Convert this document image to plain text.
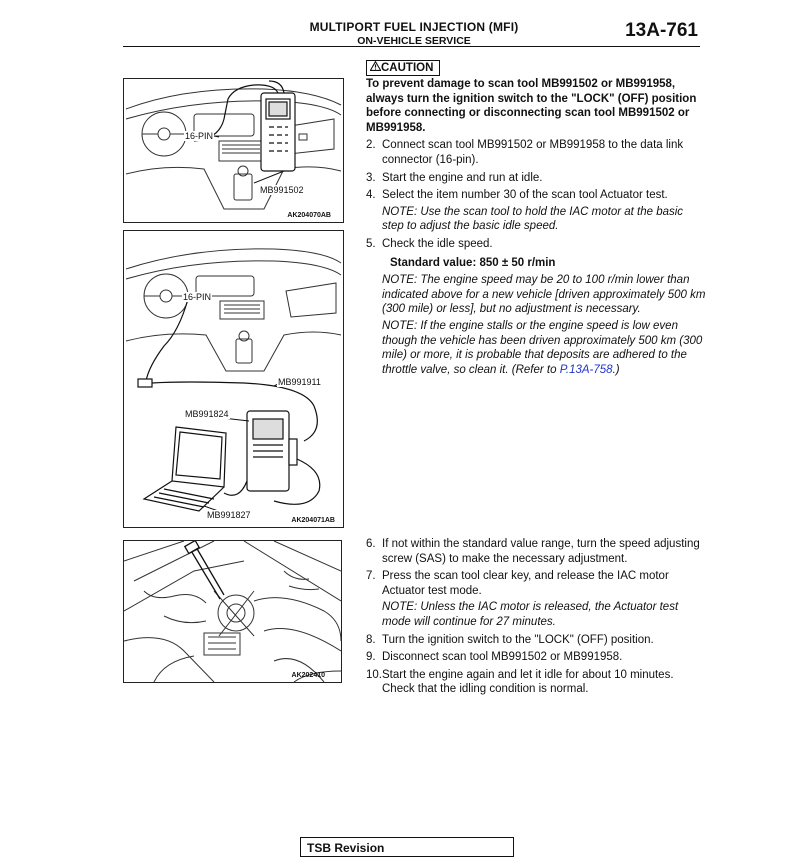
MULTIPORT FUEL INJECTION (MFI)
ON-VEHICLE SERVICE	13A-761
16-PIN
MB991502
AK204070AB
16-PIN
MB991911
MB991824
MB991827
AK204071AB
AK202410
CAUTION
To prevent damage to scan tool MB991502 or MB991958, always turn the ignition switch to the "LOCK" (OFF) position before connecting or disconnecting scan tool MB991502 or MB991958.
2. Connect scan tool MB991502 or MB991958 to the data link connector (16-pin).
3. Start the engine and run at idle.
4. Select the item number 30 of the scan tool Actuator test.
NOTE: Use the scan tool to hold the IAC motor at the basic step to adjust the basic idle speed.
5. Check the idle speed.
Standard value: 850 ± 50 r/min
NOTE: The engine speed may be 20 to 100 r/min lower than indicated above for a new vehicle [driven approximately 500 km (300 mile) or less], but no adjustment is necessary.
NOTE: If the engine stalls or the engine speed is low even though the vehicle has been driven approximately 500 km (300 mile) or more, it is probable that deposits are adhered to the throttle valve, so clean it. (Refer to P.13A-758.)
6. If not within the standard value range, turn the speed adjusting screw (SAS) to make the necessary adjustment.
7. Press the scan tool clear key, and release the IAC motor Actuator test mode.
NOTE: Unless the IAC motor is released, the Actuator test mode will continue for 27 minutes.
8. Turn the ignition switch to the "LOCK" (OFF) position.
9. Disconnect scan tool MB991502 or MB991958.
10. Start the engine again and let it idle for about 10 minutes. Check that the idling condition is normal.
TSB Revision
